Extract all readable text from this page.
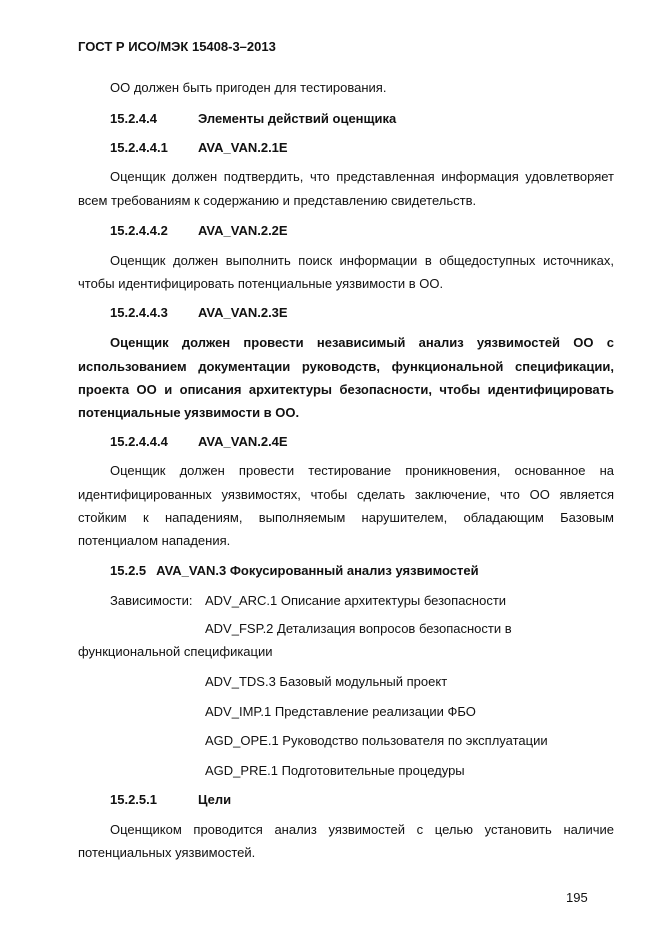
ГОСТ Р ИСО/МЭК 15408-3–2013
ОО должен быть пригоден для тестирования.
15.2.4.4	Элементы действий оценщика
15.2.4.4.1 AVA_VAN.2.1E
Оценщик должен подтвердить, что представленная информация удовлетворяет
всем требованиям к содержанию и представлению свидетельств.
15.2.4.4.2 AVA_VAN.2.2E
Оценщик должен выполнить поиск информации в общедоступных источниках,
чтобы идентифицировать потенциальные уязвимости в ОО.
15.2.4.4.3 AVA_VAN.2.3E
Оценщик должен провести независимый анализ уязвимостей ОО с
использованием документации руководств, функциональной спецификации,
проекта ОО и описания архитектуры безопасности, чтобы идентифицировать
потенциальные уязвимости в ОО.
15.2.4.4.4 AVA_VAN.2.4E
Оценщик должен провести тестирование проникновения, основанное на
идентифицированных уязвимостях, чтобы сделать заключение, что ОО является
стойким к нападениям, выполняемым нарушителем, обладающим Базовым
потенциалом нападения.
15.2.5 AVA_VAN.3 Фокусированный анализ уязвимостей
Зависимости: ADV_ARC.1 Описание архитектуры безопасности
ADV_FSP.2 Детализация вопросов безопасности в
функциональной спецификации
ADV_TDS.3 Базовый модульный проект
ADV_IMP.1 Представление реализации ФБО
AGD_OPE.1 Руководство пользователя по эксплуатации
AGD_PRE.1 Подготовительные процедуры
15.2.5.1	Цели
Оценщиком проводится анализ уязвимостей с целью установить наличие
потенциальных уязвимостей.
195
